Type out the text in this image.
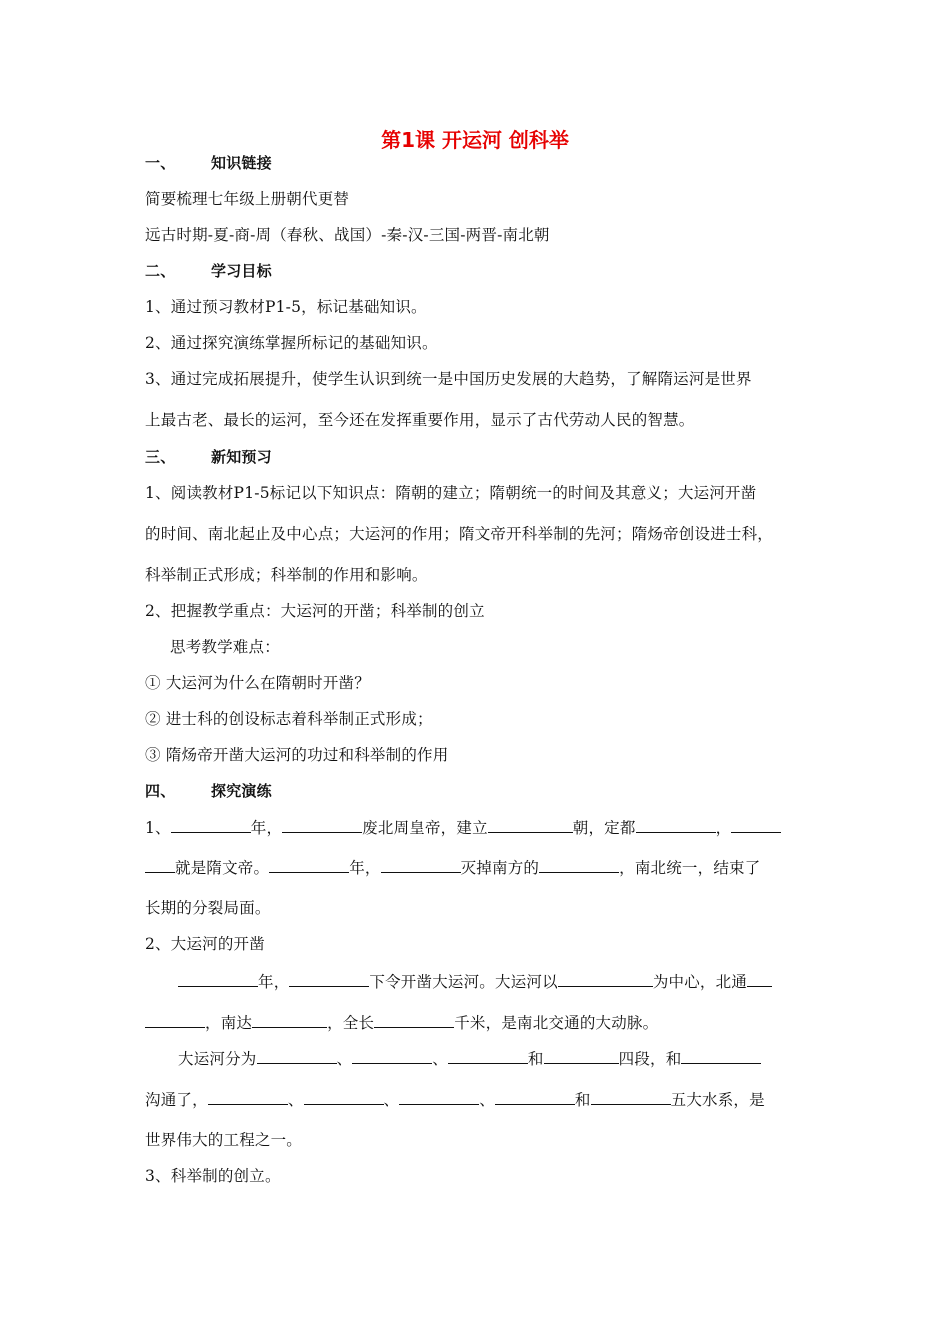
第1课 开运河 创科举
一、 知识链接
简要梳理七年级上册朝代更替
远古时期-夏-商-周（春秋、战国）-秦-汉-三国-两晋-南北朝
二、 学习目标
1、通过预习教材P1-5，标记基础知识。
2、通过探究演练掌握所标记的基础知识。
3、通过完成拓展提升，使学生认识到统一是中国历史发展的大趋势，了解隋运河是世界
上最古老、最长的运河，至今还在发挥重要作用，显示了古代劳动人民的智慧。
三、 新知预习
1、阅读教材P1-5标记以下知识点：隋朝的建立；隋朝统一的时间及其意义；大运河开凿
的时间、南北起止及中心点；大运河的作用；隋文帝开科举制的先河；隋炀帝创设进士科，
科举制正式形成；科举制的作用和影响。
2、把握教学重点：大运河的开凿；科举制的创立
思考教学难点：
① 大运河为什么在隋朝时开凿？
② 进士科的创设标志着科举制正式形成；
③ 隋炀帝开凿大运河的功过和科举制的作用
四、 探究演练
1、	年，	废北周皇帝，建立	朝，定都	，
就是隋文帝。	年，	灭掉南方的	，南北统一，结束了
长期的分裂局面。
2、大运河的开凿
年，	下令开凿大运河。大运河以	为中心，北通
，南达	，全长	千米，是南北交通的大动脉。
大运河分为	、	、	和	四段，和
沟通了，	、	、	、	和	五大水系，是
世界伟大的工程之一。
3、科举制的创立。
